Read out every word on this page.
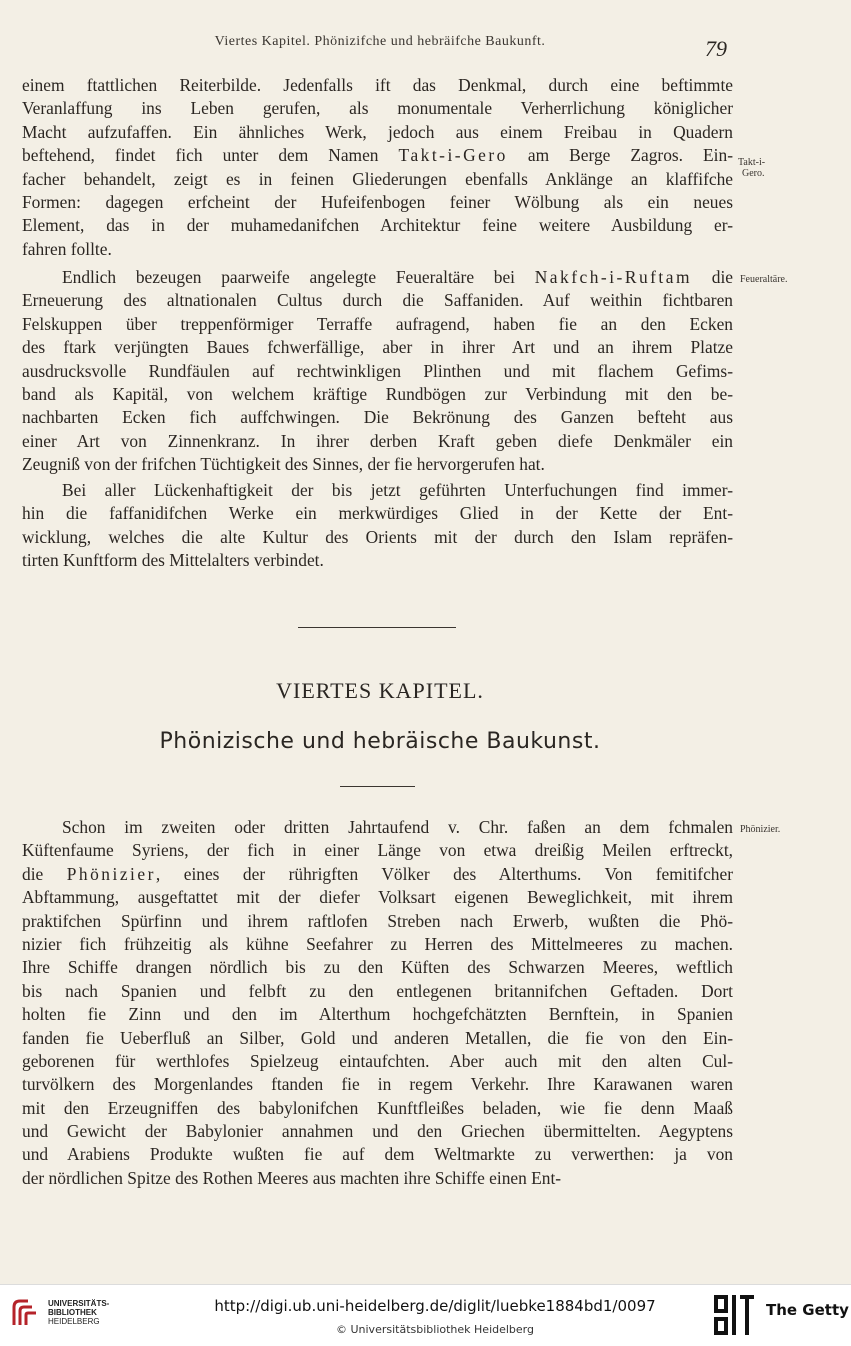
Viertes Kapitel. Phönizifche und hebräifche Baukunft.	79
einem ftattlichen Reiterbilde. Jedenfalls ift das Denkmal, durch eine beftimmte
Veranlaffung ins Leben gerufen, als monumentale Verherrlichung königlicher
Macht aufzufaffen. Ein ähnliches Werk, jedoch aus einem Freibau in Quadern
beftehend, findet fich unter dem Namen Takt-i-Gero am Berge Zagros. Ein-
facher behandelt, zeigt es in feinen Gliederungen ebenfalls Anklänge an klaffifche
Formen: dagegen erfcheint der Hufeifenbogen feiner Wölbung als ein neues
Element, das in der muhamedanifchen Architektur feine weitere Ausbildung er-
fahren follte.
Endlich bezeugen paarweife angelegte Feueraltäre bei Nakfch-i-Ruftam die
Erneuerung des altnationalen Cultus durch die Saffaniden. Auf weithin fichtbaren
Felskuppen über treppenförmiger Terraffe aufragend, haben fie an den Ecken
des ftark verjüngten Baues fchwerfällige, aber in ihrer Art und an ihrem Platze
ausdrucksvolle Rundfäulen auf rechtwinkligen Plinthen und mit flachem Gefims-
band als Kapitäl, von welchem kräftige Rundbögen zur Verbindung mit den be-
nachbarten Ecken fich auffchwingen. Die Bekrönung des Ganzen befteht aus
einer Art von Zinnenkranz. In ihrer derben Kraft geben diefe Denkmäler ein
Zeugniß von der frifchen Tüchtigkeit des Sinnes, der fie hervorgerufen hat.
Bei aller Lückenhaftigkeit der bis jetzt geführten Unterfuchungen find immer-
hin die faffanidifchen Werke ein merkwürdiges Glied in der Kette der Ent-
wicklung, welches die alte Kultur des Orients mit der durch den Islam repräfen-
tirten Kunftform des Mittelalters verbindet.
Takt-i-
Gero.
Feueraltäre.
VIERTES KAPITEL.
Phönizische und hebräische Baukunst.
Schon im zweiten oder dritten Jahrtaufend v. Chr. faßen an dem fchmalen
Küftenfaume Syriens, der fich in einer Länge von etwa dreißig Meilen erftreckt,
die Phönizier, eines der rührigften Völker des Alterthums. Von femitifcher
Abftammung, ausgeftattet mit der diefer Volksart eigenen Beweglichkeit, mit ihrem
praktifchen Spürfinn und ihrem raftlofen Streben nach Erwerb, wußten die Phö-
nizier fich frühzeitig als kühne Seefahrer zu Herren des Mittelmeeres zu machen.
Ihre Schiffe drangen nördlich bis zu den Küften des Schwarzen Meeres, weftlich
bis nach Spanien und felbft zu den entlegenen britannifchen Geftaden. Dort
holten fie Zinn und den im Alterthum hochgefchätzten Bernftein, in Spanien
fanden fie Ueberfluß an Silber, Gold und anderen Metallen, die fie von den Ein-
geborenen für werthlofes Spielzeug eintaufchten. Aber auch mit den alten Cul-
turvölkern des Morgenlandes ftanden fie in regem Verkehr. Ihre Karawanen waren
mit den Erzeugniffen des babylonifchen Kunftfleißes beladen, wie fie denn Maaß
und Gewicht der Babylonier annahmen und den Griechen übermittelten. Aegyptens
und Arabiens Produkte wußten fie auf dem Weltmarkte zu verwerthen: ja von
der nördlichen Spitze des Rothen Meeres aus machten ihre Schiffe einen Ent-
Phönizier.
UNIVERSITÄTS-
BIBLIOTHEK
HEIDELBERG
http://digi.ub.uni-heidelberg.de/diglit/luebke1884bd1/0097
© Universitätsbibliothek Heidelberg
The Getty
